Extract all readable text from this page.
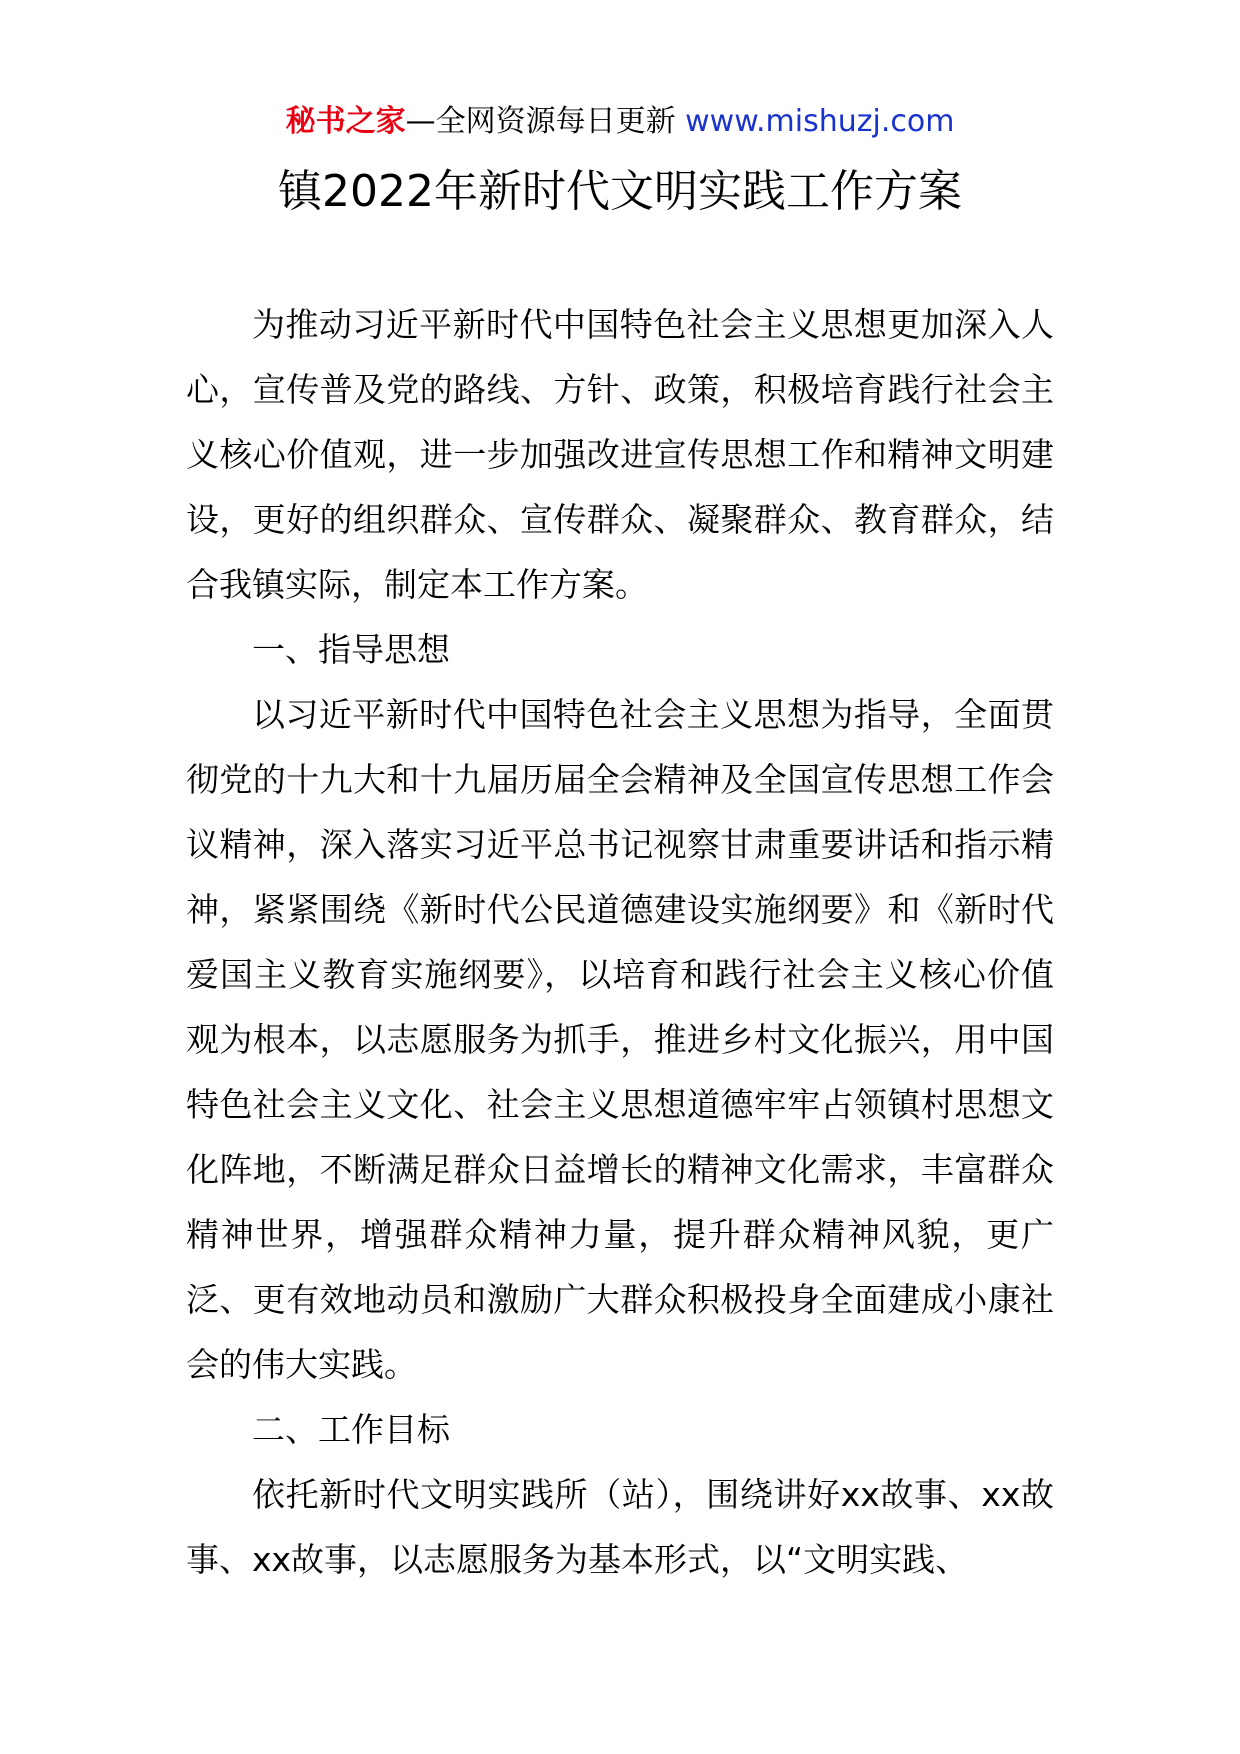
秘书之家—全网资源每日更新 www.mishuzj.com
镇2022年新时代文明实践工作方案

为推动习近平新时代中国特色社会主义思想更加深入人心，宣传普及党的路线、方针、政策，积极培育践行社会主义核心价值观，进一步加强改进宣传思想工作和精神文明建设，更好的组织群众、宣传群众、凝聚群众、教育群众，结合我镇实际，制定本工作方案。

一、指导思想

以习近平新时代中国特色社会主义思想为指导，全面贯彻党的十九大和十九届历届全会精神及全国宣传思想工作会议精神，深入落实习近平总书记视察甘肃重要讲话和指示精神，紧紧围绕《新时代公民道德建设实施纲要》和《新时代爱国主义教育实施纲要》，以培育和践行社会主义核心价值观为根本，以志愿服务为抓手，推进乡村文化振兴，用中国特色社会主义文化、社会主义思想道德牢牢占领镇村思想文化阵地，不断满足群众日益增长的精神文化需求，丰富群众精神世界，增强群众精神力量，提升群众精神风貌，更广泛、更有效地动员和激励广大群众积极投身全面建成小康社会的伟大实践。

二、工作目标

依托新时代文明实践所（站），围绕讲好xx故事、xx故事、xx故事，以志愿服务为基本形式，以“文明实践、
